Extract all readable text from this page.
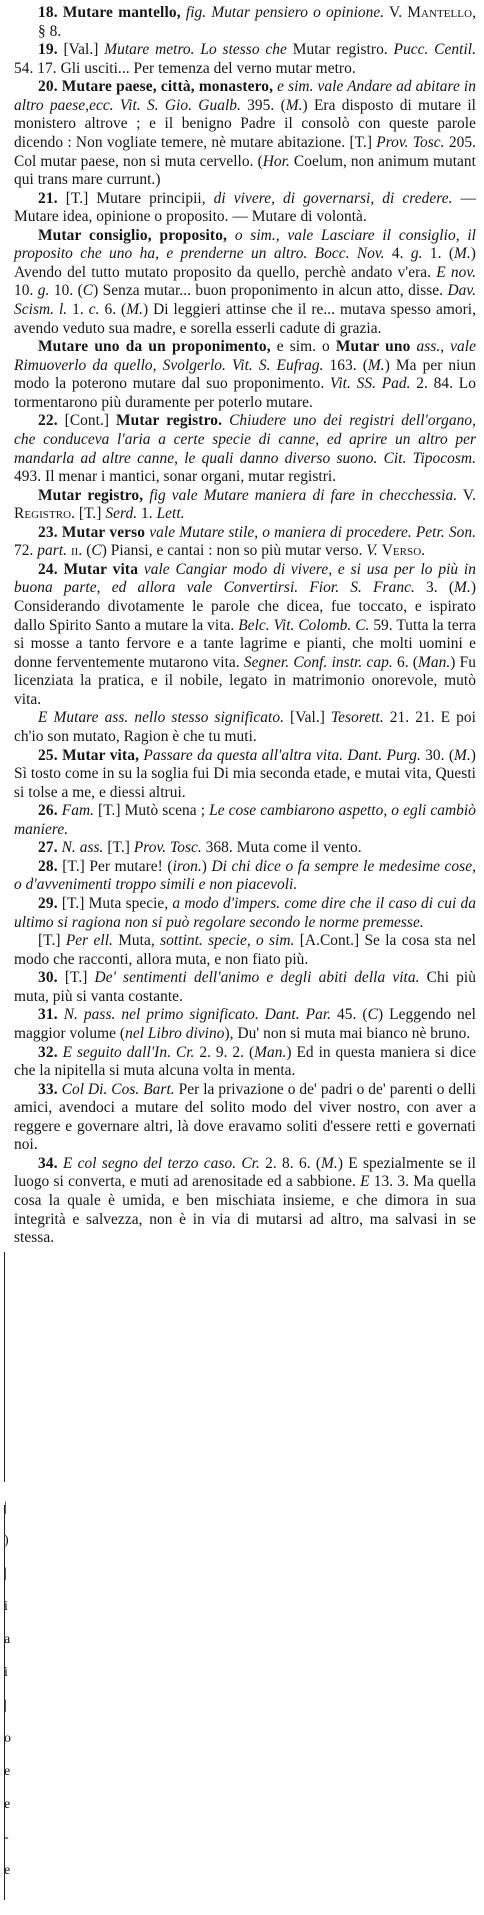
|
)
|
i
a
i
|
o
e
e
-
e

18. Mutare mantello, fig. Mutar pensiero o opinione. V. Mantello, § 8.

19. [Val.] Mutare metro. Lo stesso che Mutar registro. Pucc. Centil. 54. 17. Gli usciti... Per temenza del verno mutar metro.

20. Mutare paese, città, monastero, e sim. vale Andare ad abitare in altro paese,ecc. Vit. S. Gio. Gualb. 395. (M.) Era disposto di mutare il monistero altrove ; e il benigno Padre il consolò con queste parole dicendo : Non vogliate temere, nè mutare abitazione. [T.] Prov. Tosc. 205. Col mutar paese, non si muta cervello. (Hor. Coelum, non animum mutant qui trans mare currunt.)

21. [T.] Mutare principii, di vivere, di governarsi, di credere. — Mutare idea, opinione o proposito. — Mutare di volontà.

Mutar consiglio, proposito, o sim., vale Lasciare il consiglio, il proposito che uno ha, e prenderne un altro. Bocc. Nov. 4. g. 1. (M.) Avendo del tutto mutato proposito da quello, perchè andato v'era. E nov. 10. g. 10. (C) Senza mutar... buon proponimento in alcun atto, disse. Dav. Scism. l. 1. c. 6. (M.) Di leggieri attinse che il re... mutava spesso amori, avendo veduto sua madre, e sorella esserli cadute di grazia.

Mutare uno da un proponimento, e sim. o Mutar uno ass., vale Rimuoverlo da quello, Svolgerlo. Vit. S. Eufrag. 163. (M.) Ma per niun modo la poterono mutare dal suo proponimento. Vit. SS. Pad. 2. 84. Lo tormentarono più duramente per poterlo mutare.

22. [Cont.] Mutar registro. Chiudere uno dei registri dell'organo, che conduceva l'aria a certe specie di canne, ed aprire un altro per mandarla ad altre canne, le quali danno diverso suono. Cit. Tipocosm. 493. Il menar i mantici, sonar organi, mutar registri.

Mutar registro, fig vale Mutare maniera di fare in checchessia. V. Registro. [T.] Serd. 1. Lett.

23. Mutar verso vale Mutare stile, o maniera di procedere. Petr. Son. 72. part. ii. (C) Piansi, e cantai : non so più mutar verso. V. Verso.

24. Mutar vita vale Cangiar modo di vivere, e si usa per lo più in buona parte, ed allora vale Convertirsi. Fior. S. Franc. 3. (M.) Considerando divotamente le parole che dicea, fue toccato, e ispirato dallo Spirito Santo a mutare la vita. Belc. Vit. Colomb. C. 59. Tutta la terra si mosse a tanto fervore e a tante lagrime e pianti, che molti uomini e donne ferventemente mutarono vita. Segner. Conf. instr. cap. 6. (Man.) Fu licenziata la pratica, e il nobile, legato in matrimonio onorevole, mutò vita.

E Mutare ass. nello stesso significato. [Val.] Tesorett. 21. 21. E poi ch'io son mutato, Ragion è che tu muti.

25. Mutar vita, Passare da questa all'altra vita. Dant. Purg. 30. (M.) Sì tosto come in su la soglia fui Di mia seconda etade, e mutai vita, Questi si tolse a me, e diessi altrui.

26. Fam. [T.] Mutò scena ; Le cose cambiarono aspetto, o egli cambiò maniere.

27. N. ass. [T.] Prov. Tosc. 368. Muta come il vento.

28. [T.] Per mutare! (iron.) Di chi dice o fa sempre le medesime cose, o d'avvenimenti troppo simili e non piacevoli.

29. [T.] Muta specie, a modo d'impers. come dire che il caso di cui da ultimo si ragiona non si può regolare secondo le norme premesse.

[T.] Per ell. Muta, sottint. specie, o sim. [A.Cont.] Se la cosa sta nel modo che racconti, allora muta, e non fiato più.

30. [T.] De' sentimenti dell'animo e degli abiti della vita. Chi più muta, più si vanta costante.

31. N. pass. nel primo significato. Dant. Par. 45. (C) Leggendo nel maggior volume (nel Libro divino), Du' non si muta mai bianco nè bruno.

32. E seguito dall'In. Cr. 2. 9. 2. (Man.) Ed in questa maniera si dice che la nipitella si muta alcuna volta in menta.

33. Col Di. Cos. Bart. Per la privazione o de' padri o de' parenti o delli amici, avendoci a mutare del solito modo del viver nostro, con aver a reggere e governare altri, là dove eravamo soliti d'essere retti e governati noi.

34. E col segno del terzo caso. Cr. 2. 8. 6. (M.) E spezialmente se il luogo si converta, e muti ad arenositade ed a sabbione. E 13. 3. Ma quella cosa la quale è umida, e ben mischiata insieme, e che dimora in sua integrità e salvezza, non è in via di mutarsi ad altro, ma salvasi in se stessa.
